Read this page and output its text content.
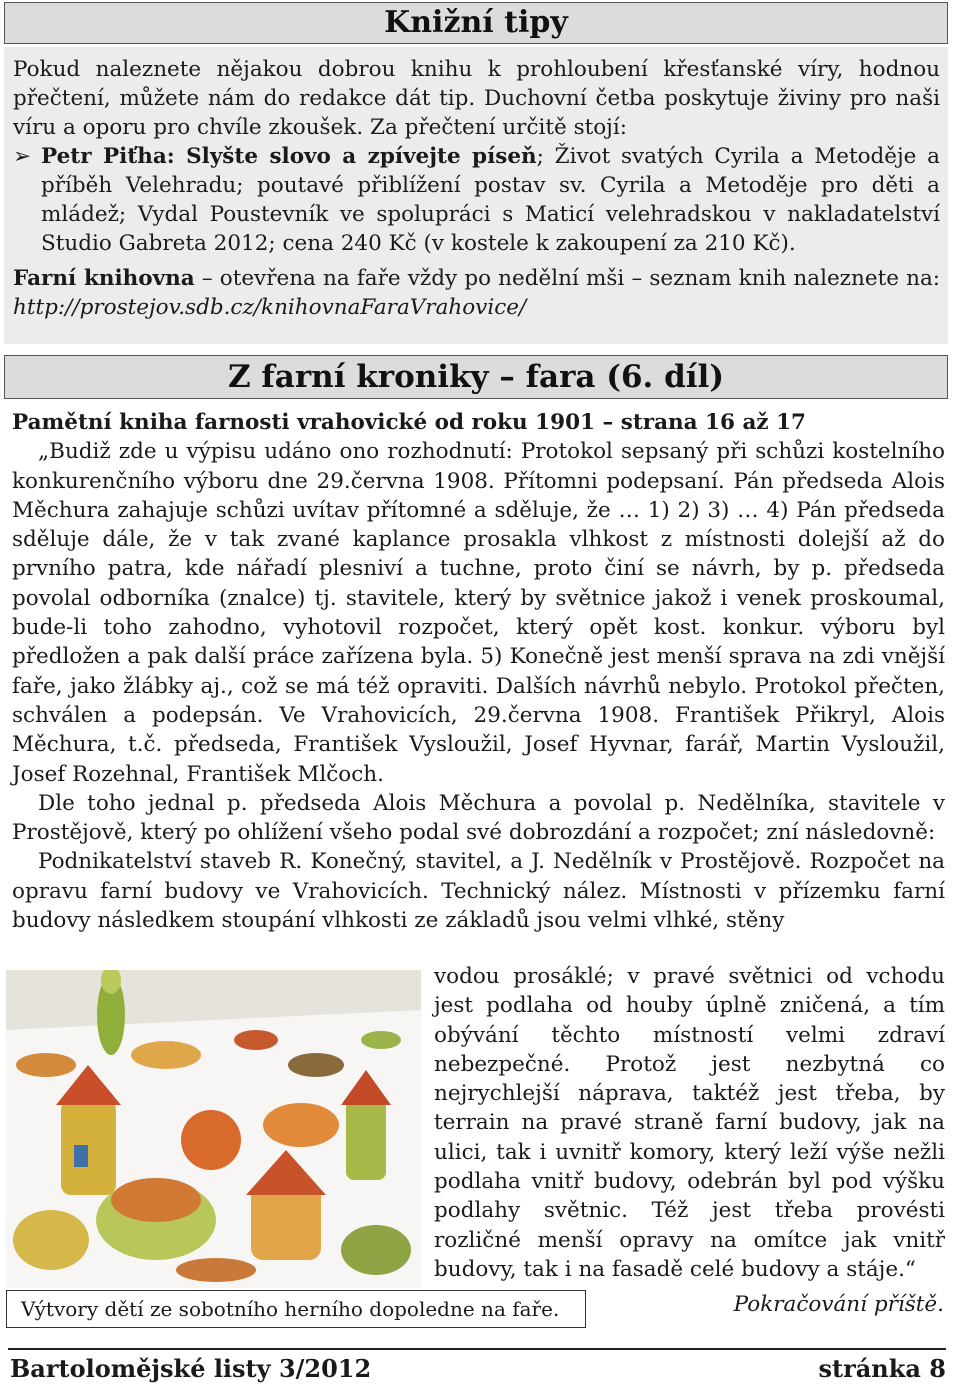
Knižní tipy

Pokud naleznete nějakou dobrou knihu k prohloubení křesťanské víry, hodnou přečtení, můžete nám do redakce dát tip. Duchovní četba poskytuje živiny pro naši víru a oporu pro chvíle zkoušek. Za přečtení určitě stojí:

➢ Petr Piťha: Slyšte slovo a zpívejte píseň; Život svatých Cyrila a Metoděje a příběh Velehradu; poutavé přiblížení postav sv. Cyrila a Metoděje pro děti a mládež; Vydal Poustevník ve spolupráci s Maticí velehradskou v nakladatelství Studio Gabreta 2012; cena 240 Kč (v kostele k zakoupení za 210 Kč).

Farní knihovna – otevřena na faře vždy po nedělní mši – seznam knih naleznete na: http://prostejov.sdb.cz/knihovnaFaraVrahovice/

Z farní kroniky – fara (6. díl)

Pamětní kniha farnosti vrahovické od roku 1901 – strana 16 až 17

„Budiž zde u výpisu udáno ono rozhodnutí: Protokol sepsaný při schůzi kostelního konkurenčního výboru dne 29.června 1908. Přítomni podepsaní. Pán předseda Alois Měchura zahajuje schůzi uvítav přítomné a sděluje, že … 1) 2) 3) … 4) Pán předseda sděluje dále, že v tak zvané kaplance prosakla vlhkost z místnosti dolejší až do prvního patra, kde nářadí plesniví a tuchne, proto činí se návrh, by p. předseda povolal odborníka (znalce) tj. stavitele, který by světnice jakož i venek proskoumal, bude-li toho zahodno, vyhotovil rozpočet, který opět kost. konkur. výboru byl předložen a pak další práce zařízena byla. 5) Konečně jest menší sprava na zdi vnější faře, jako žlábky aj., což se má též opraviti. Dalších návrhů nebylo. Protokol přečten, schválen a podepsán. Ve Vrahovicích, 29.června 1908. František Přikryl, Alois Měchura, t.č. předseda, František Vysloužil, Josef Hyvnar, farář, Martin Vysloužil, Josef Rozehnal, František Mlčoch.

Dle toho jednal p. předseda Alois Měchura a povolal p. Nedělníka, stavitele v Prostějově, který po ohlížení všeho podal své dobrozdání a rozpočet; zní následovně:

Podnikatelství staveb R. Konečný, stavitel, a J. Nedělník v Prostějově. Rozpočet na opravu farní budovy ve Vrahovicích. Technický nález. Místnosti v přízemku farní budovy následkem stoupání vlhkosti ze základů jsou velmi vlhké, stěny

vodou prosáklé; v pravé světnici od vchodu jest podlaha od houby úplně zničená, a tím obývání těchto místností velmi zdraví nebezpečné. Protož jest nezbytná co nejrychlejší náprava, taktéž jest třeba, by terrain na pravé straně farní budovy, jak na ulici, tak i uvnitř komory, který leží výše nežli podlaha vnitř budovy, odebrán byl pod výšku podlahy světnic. Též jest třeba provésti rozličné menší opravy na omítce jak vnitř budovy, tak i na fasadě celé budovy a stáje.“

Výtvory dětí ze sobotního herního dopoledne na faře.	Pokračování příště.
Bartolomějské listy 3/2012	stránka 8
